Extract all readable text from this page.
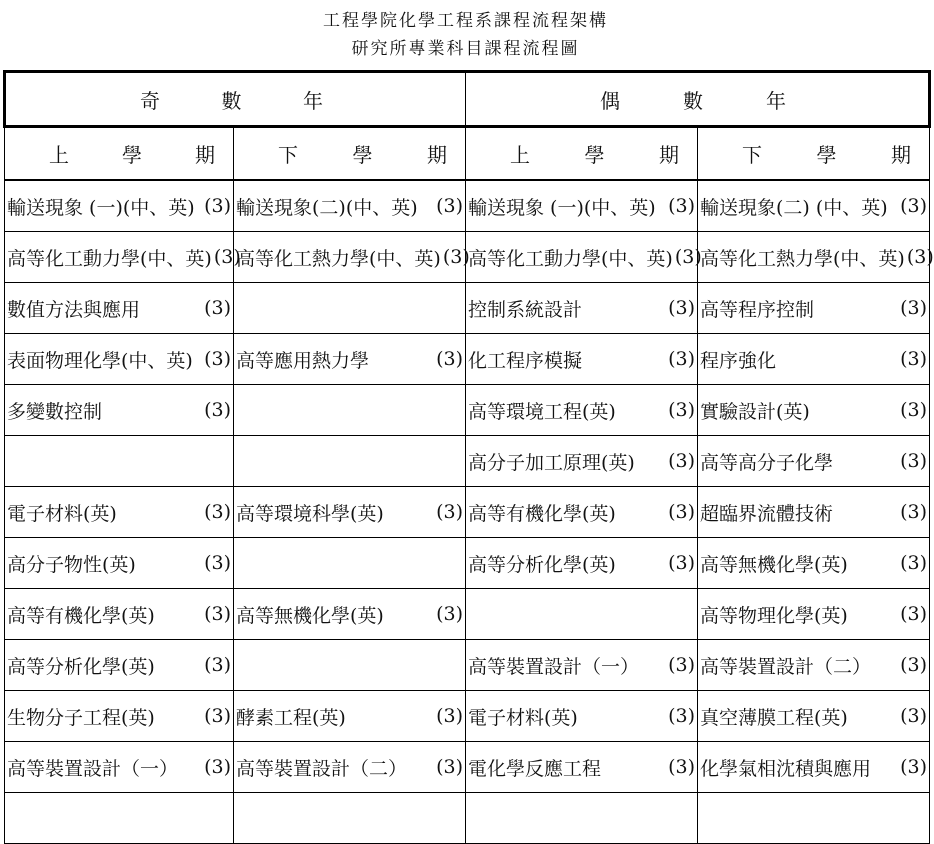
工程學院化學工程系課程流程架構
研究所專業科目課程流程圖
奇 數 年		偶 數 年	

上 學 期	下 學 期	上 學 期	下 學 期

輸送現象 (一)(中、英) (3)	輸送現象(二)(中、英) (3)	輸送現象 (一)(中、英) (3)	輸送現象(二) (中、英) (3)

高等化工動力學(中、英) (3)	高等化工熱力學(中、英) (3)	高等化工動力學(中、英) (3)	高等化工熱力學(中、英) (3)

數值方法與應用 (3)		控制系統設計 (3)	高等程序控制 (3)

表面物理化學(中、英) (3)	高等應用熱力學 (3)	化工程序模擬 (3)	程序強化 (3)

多變數控制 (3)		高等環境工程(英) (3)	實驗設計(英) (3)

		高分子加工原理(英) (3)	高等高分子化學 (3)

電子材料(英) (3)	高等環境科學(英) (3)	高等有機化學(英) (3)	超臨界流體技術 (3)

高分子物性(英) (3)		高等分析化學(英) (3)	高等無機化學(英) (3)

高等有機化學(英) (3)	高等無機化學(英) (3)		高等物理化學(英) (3)

高等分析化學(英) (3)		高等裝置設計（一） (3)	高等裝置設計（二） (3)

生物分子工程(英) (3)	酵素工程(英) (3)	電子材料(英) (3)	真空薄膜工程(英) (3)

高等裝置設計（一） (3)	高等裝置設計（二） (3)	電化學反應工程 (3)	化學氣相沈積與應用 (3)
